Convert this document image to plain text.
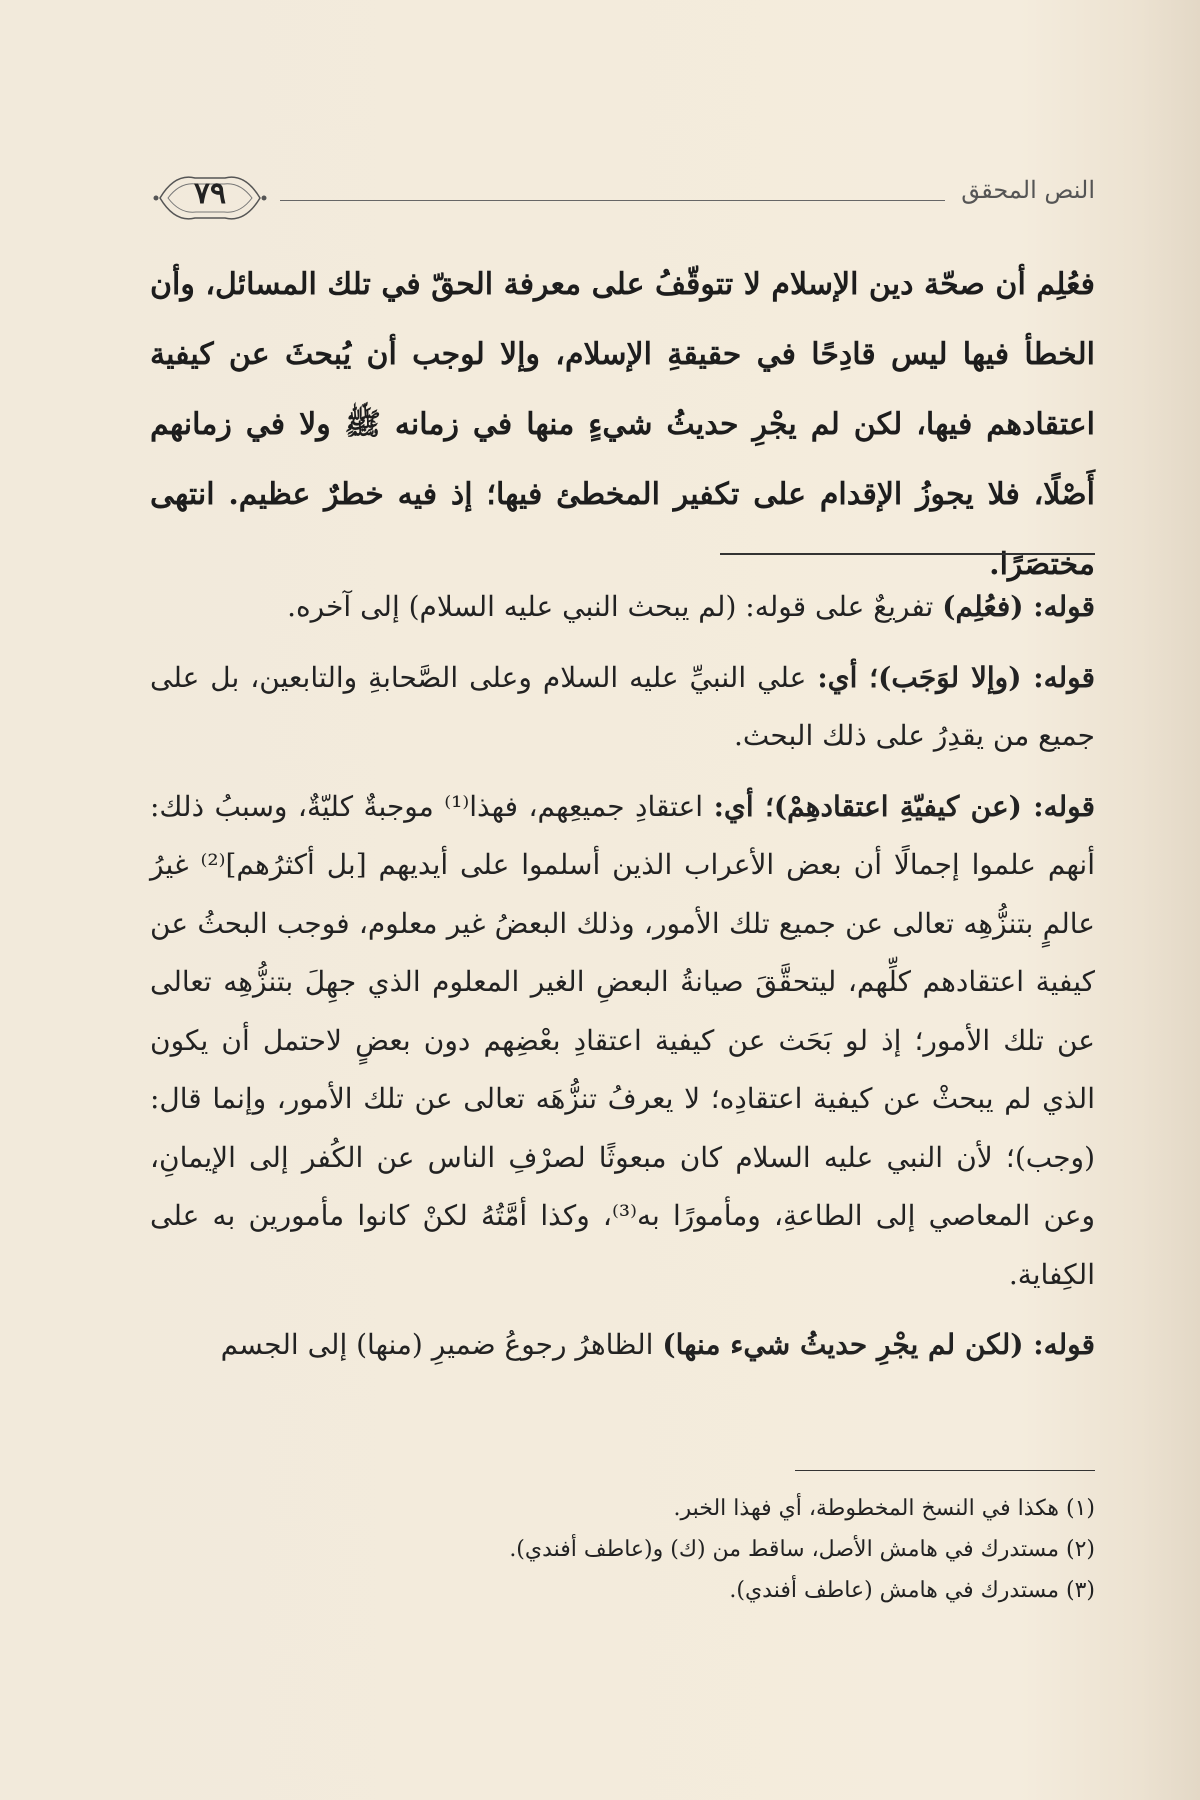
٧٩	النص المحقق

فعُلِم أن صحّة دين الإسلام لا تتوقّفُ على معرفة الحقّ في تلك المسائل، وأن الخطأ فيها ليس قادِحًا في حقيقةِ الإسلام، وإلا لوجب أن يُبحثَ عن كيفية اعتقادهم فيها، لكن لم يجْرِ حديثُ شيءٍ منها في زمانه ﷺ ولا في زمانهم أَصْلًا، فلا يجوزُ الإقدام على تكفير المخطئ فيها؛ إذ فيه خطرٌ عظيم. انتهى مختصَرًا.

قوله: (فعُلِم) تفريعٌ على قوله: (لم يبحث النبي عليه السلام) إلى آخره.

قوله: (وإلا لوَجَب)؛ أي: علي النبيِّ عليه السلام وعلى الصَّحابةِ والتابعين، بل على جميع من يقدِرُ على ذلك البحث.

قوله: (عن كيفيّةِ اعتقادهِمْ)؛ أي: اعتقادِ جميعِهم، فهذا⁽¹⁾ موجبةٌ كليّةٌ، وسببُ ذلك: أنهم علموا إجمالًا أن بعض الأعراب الذين أسلموا على أيديهم [بل أكثرُهم]⁽²⁾ غيرُ عالمٍ بتنزُّهِه تعالى عن جميع تلك الأمور، وذلك البعضُ غير معلوم، فوجب البحثُ عن كيفية اعتقادهم كلِّهم، ليتحقَّقَ صيانةُ البعضِ الغير المعلوم الذي جهِلَ بتنزُّهِه تعالى عن تلك الأمور؛ إذ لو بَحَث عن كيفية اعتقادِ بعْضِهم دون بعضٍ لاحتمل أن يكون الذي لم يبحثْ عن كيفية اعتقادِه؛ لا يعرفُ تنزُّهَه تعالى عن تلك الأمور، وإنما قال: (وجب)؛ لأن النبي عليه السلام كان مبعوثًا لصرْفِ الناس عن الكُفر إلى الإيمانِ، وعن المعاصي إلى الطاعةِ، ومأمورًا به⁽³⁾، وكذا أمَّتُهُ لكنْ كانوا مأمورين به على الكِفاية.

قوله: (لكن لم يجْرِ حديثُ شيء منها) الظاهرُ رجوعُ ضميرِ (منها) إلى الجسم

(١) هكذا في النسخ المخطوطة، أي فهذا الخبر.

(٢) مستدرك في هامش الأصل، ساقط من (ك) و(عاطف أفندي).

(٣) مستدرك في هامش (عاطف أفندي).
